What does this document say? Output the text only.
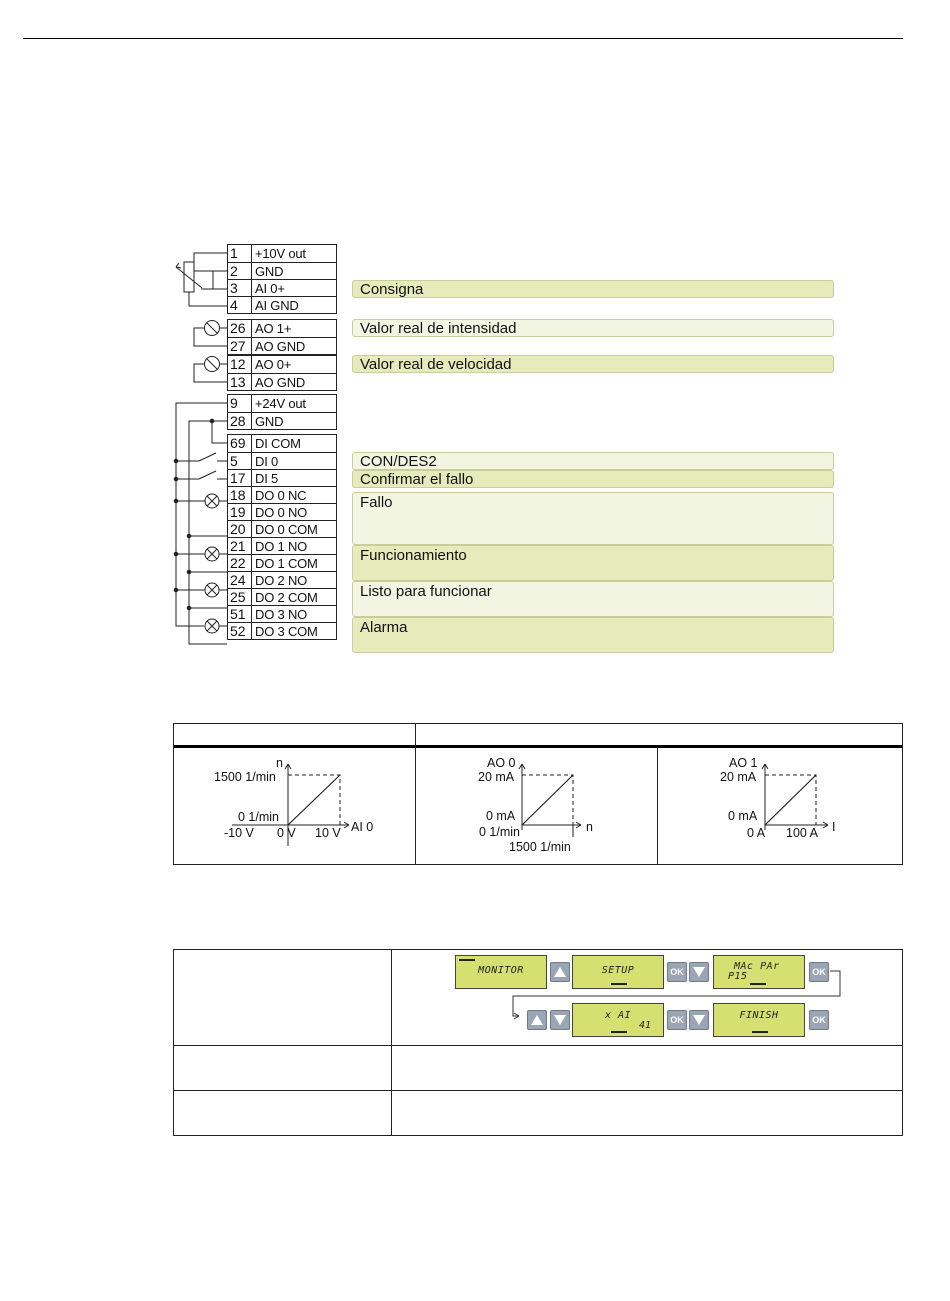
1	+10V out
2	GND
3	AI 0+
4	AI GND
26 AO 1+
27 AO GND
12 AO 0+
13 AO GND
9	+24V out
28 GND
69 DI COM
5	DI 0
17 DI 5
18 DO 0 NC
19 DO 0 NO
20 DO 0 COM
21 DO 1 NO
22 DO 1 COM
24 DO 2 NO
25 DO 2 COM
51 DO 3 NO
52 DO 3 COM
Consigna
Valor real de intensidad
Valor real de velocidad
CON/DES2
Confirmar el fallo
Fallo
Funcionamiento
Listo para funcionar
Alarma
n
1500 1/min
0 1/min
-10 V 0 V 10 V AI 0
AO 0
20 mA
0 mA
0 1/min	n
1500 1/min
AO 1
20 mA
0 mA
0 A 100 A I
MONITOR	SETUP	OK	MAc PAr
P15	OK
x AI
41	OK	FINISH	OK
